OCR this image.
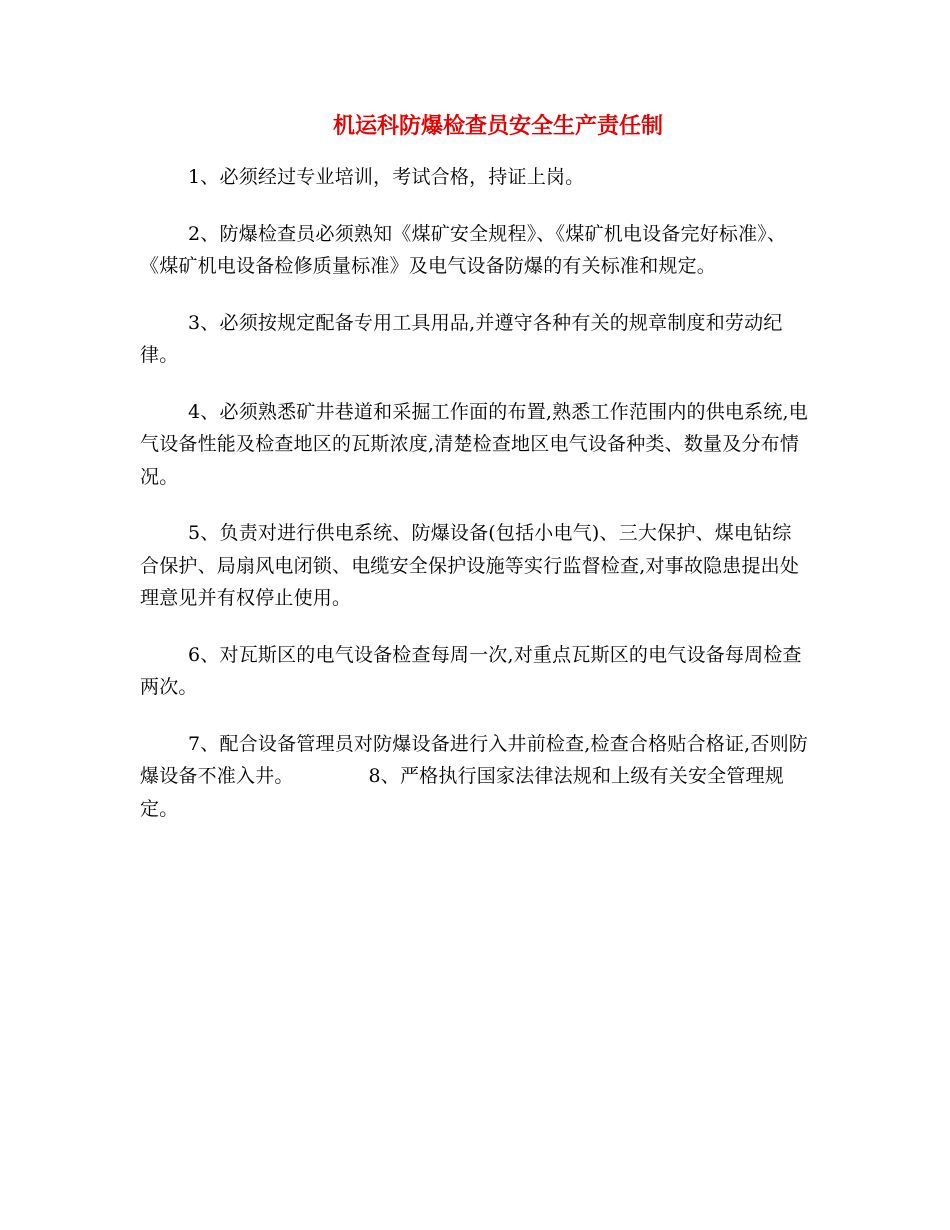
机运科防爆检查员安全生产责任制

1、必须经过专业培训，考试合格，持证上岗。

2、防爆检查员必须熟知《煤矿安全规程》、《煤矿机电设备完好标准》、《煤矿机电设备检修质量标准》及电气设备防爆的有关标准和规定。

3、必须按规定配备专用工具用品,并遵守各种有关的规章制度和劳动纪律。

4、必须熟悉矿井巷道和采掘工作面的布置,熟悉工作范围内的供电系统,电气设备性能及检查地区的瓦斯浓度,清楚检查地区电气设备种类、数量及分布情况。

5、负责对进行供电系统、防爆设备(包括小电气)、三大保护、煤电钻综合保护、局扇风电闭锁、电缆安全保护设施等实行监督检查,对事故隐患提出处理意见并有权停止使用。

6、对瓦斯区的电气设备检查每周一次,对重点瓦斯区的电气设备每周检查两次。

7、配合设备管理员对防爆设备进行入井前检查,检查合格贴合格证,否则防爆设备不准入井。            8、严格执行国家法律法规和上级有关安全管理规定。
